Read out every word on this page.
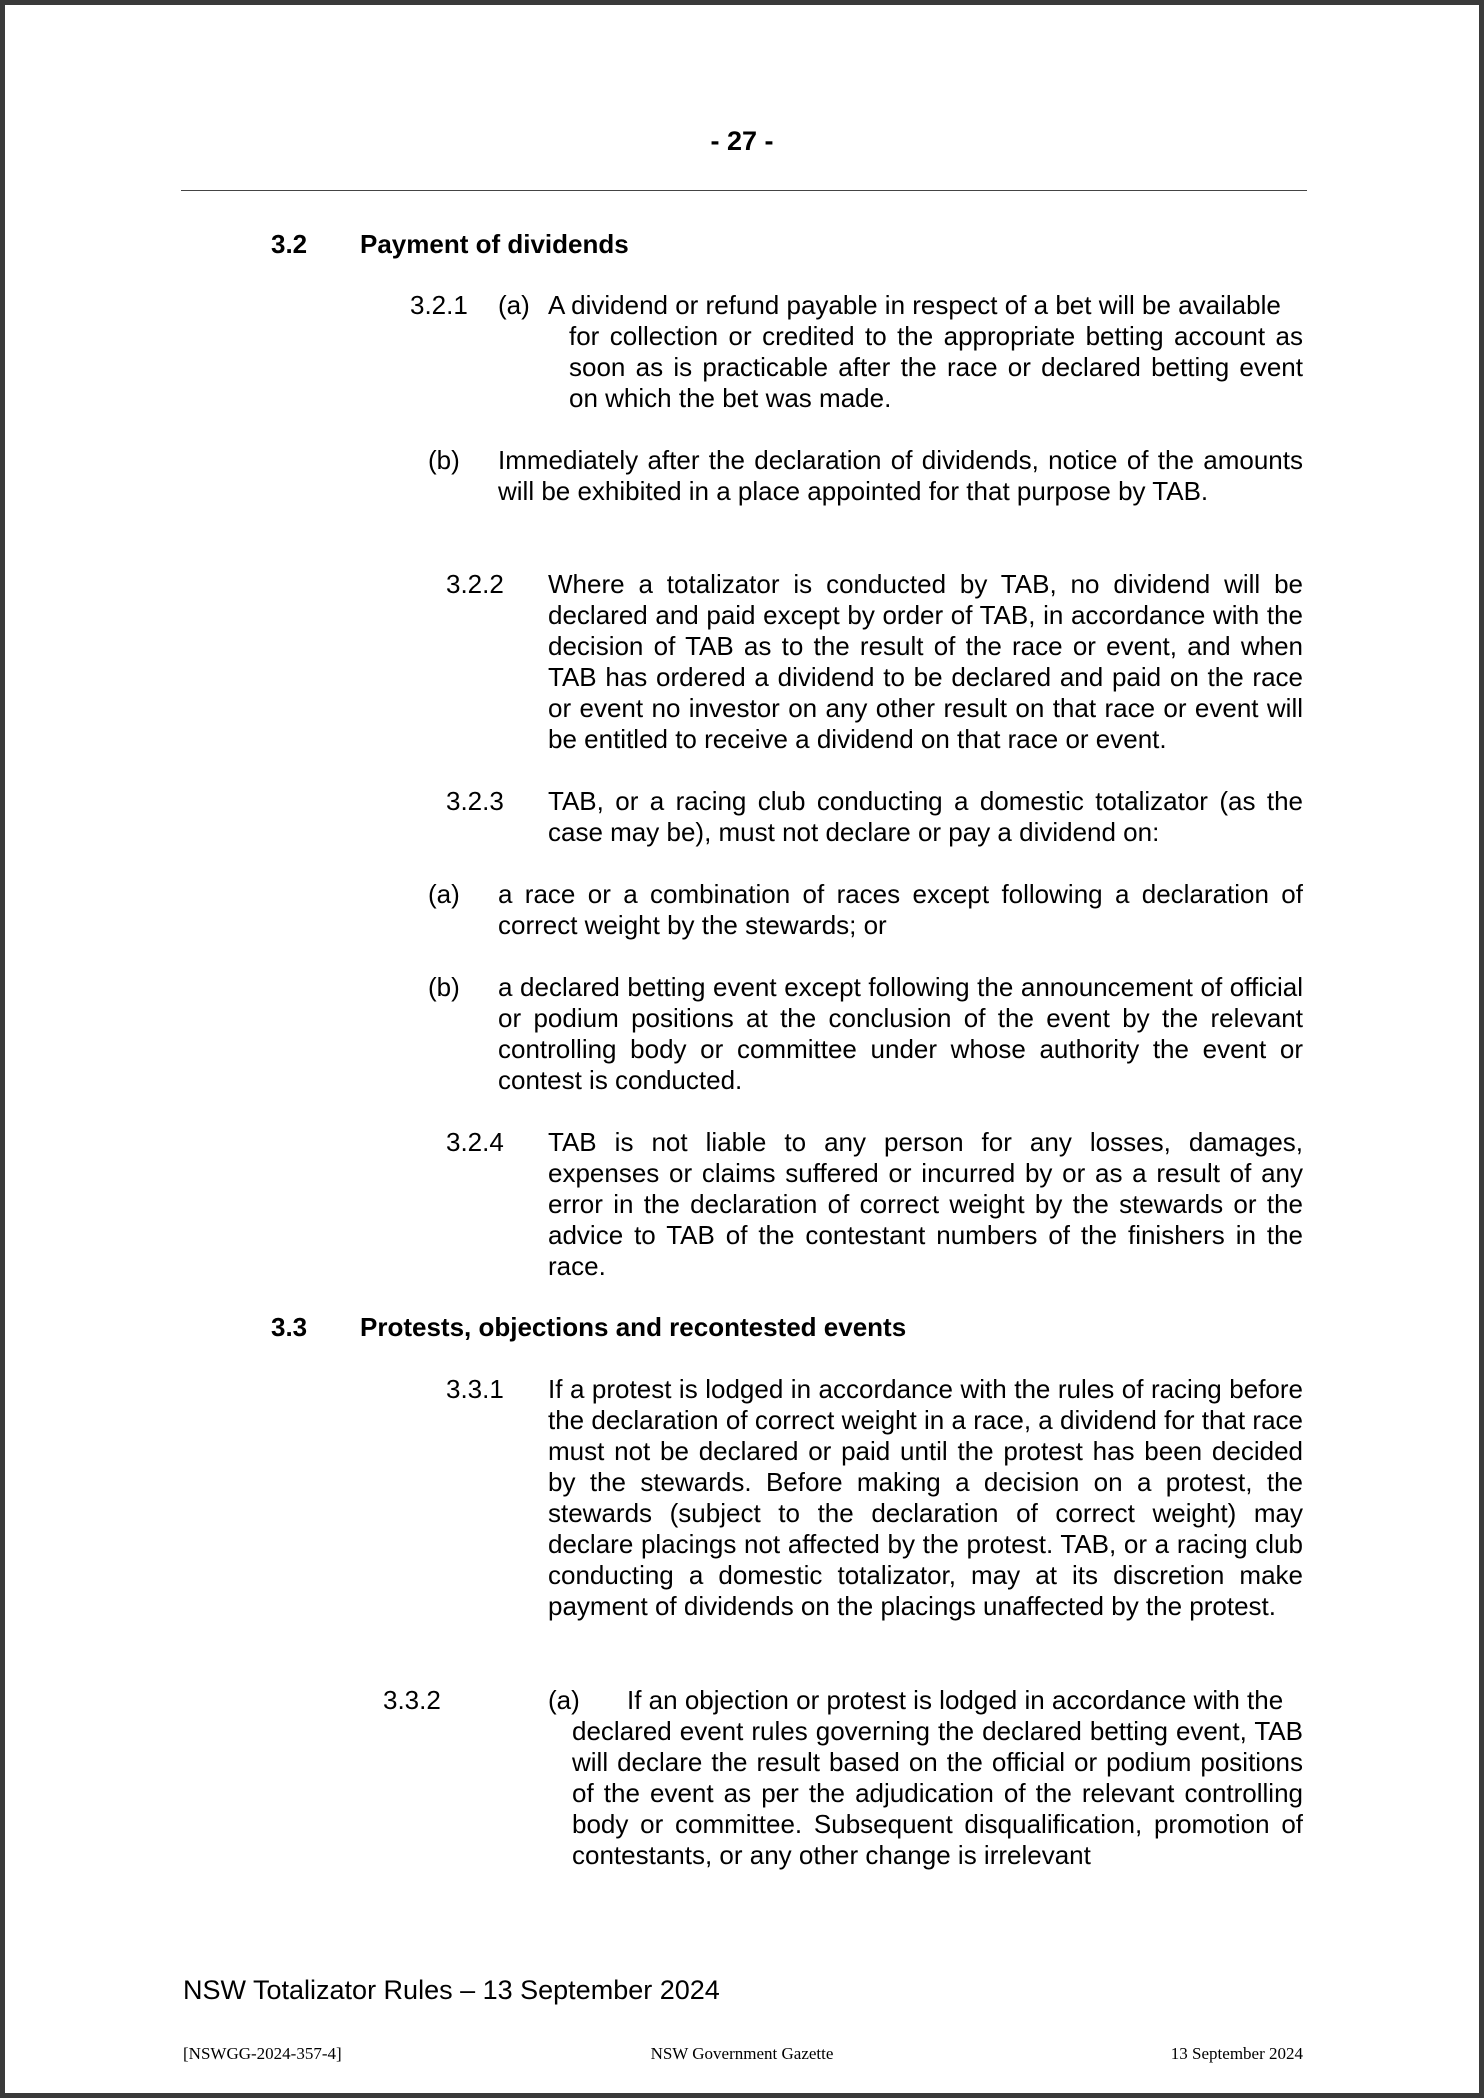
- 27 -
3.2 Payment of dividends
3.2.1 (a) A dividend or refund payable in respect of a bet will be available
for collection or credited to the appropriate betting account as soon as is practicable after the race or declared betting event on which the bet was made.
(b) Immediately after the declaration of dividends, notice of the amounts will be exhibited in a place appointed for that purpose by TAB.
3.2.2 Where a totalizator is conducted by TAB, no dividend will be declared and paid except by order of TAB, in accordance with the decision of TAB as to the result of the race or event, and when TAB has ordered a dividend to be declared and paid on the race or event no investor on any other result on that race or event will be entitled to receive a dividend on that race or event.
3.2.3 TAB, or a racing club conducting a domestic totalizator (as the case may be), must not declare or pay a dividend on:
(a) a race or a combination of races except following a declaration of correct weight by the stewards; or
(b) a declared betting event except following the announcement of official or podium positions at the conclusion of the event by the relevant controlling body or committee under whose authority the event or contest is conducted.
3.2.4 TAB is not liable to any person for any losses, damages, expenses or claims suffered or incurred by or as a result of any error in the declaration of correct weight by the stewards or the advice to TAB of the contestant numbers of the finishers in the race.
3.3 Protests, objections and recontested events
3.3.1 If a protest is lodged in accordance with the rules of racing before the declaration of correct weight in a race, a dividend for that race must not be declared or paid until the protest has been decided by the stewards. Before making a decision on a protest, the stewards (subject to the declaration of correct weight) may declare placings not affected by the protest. TAB, or a racing club conducting a domestic totalizator, may at its discretion make payment of dividends on the placings unaffected by the protest.
3.3.2	(a) If an objection or protest is lodged in accordance with the
declared event rules governing the declared betting event, TAB will declare the result based on the official or podium positions of the event as per the adjudication of the relevant controlling body or committee. Subsequent disqualification, promotion of contestants, or any other change is irrelevant
NSW Totalizator Rules – 13 September 2024
[NSWGG-2024-357-4]	NSW Government Gazette	13 September 2024
